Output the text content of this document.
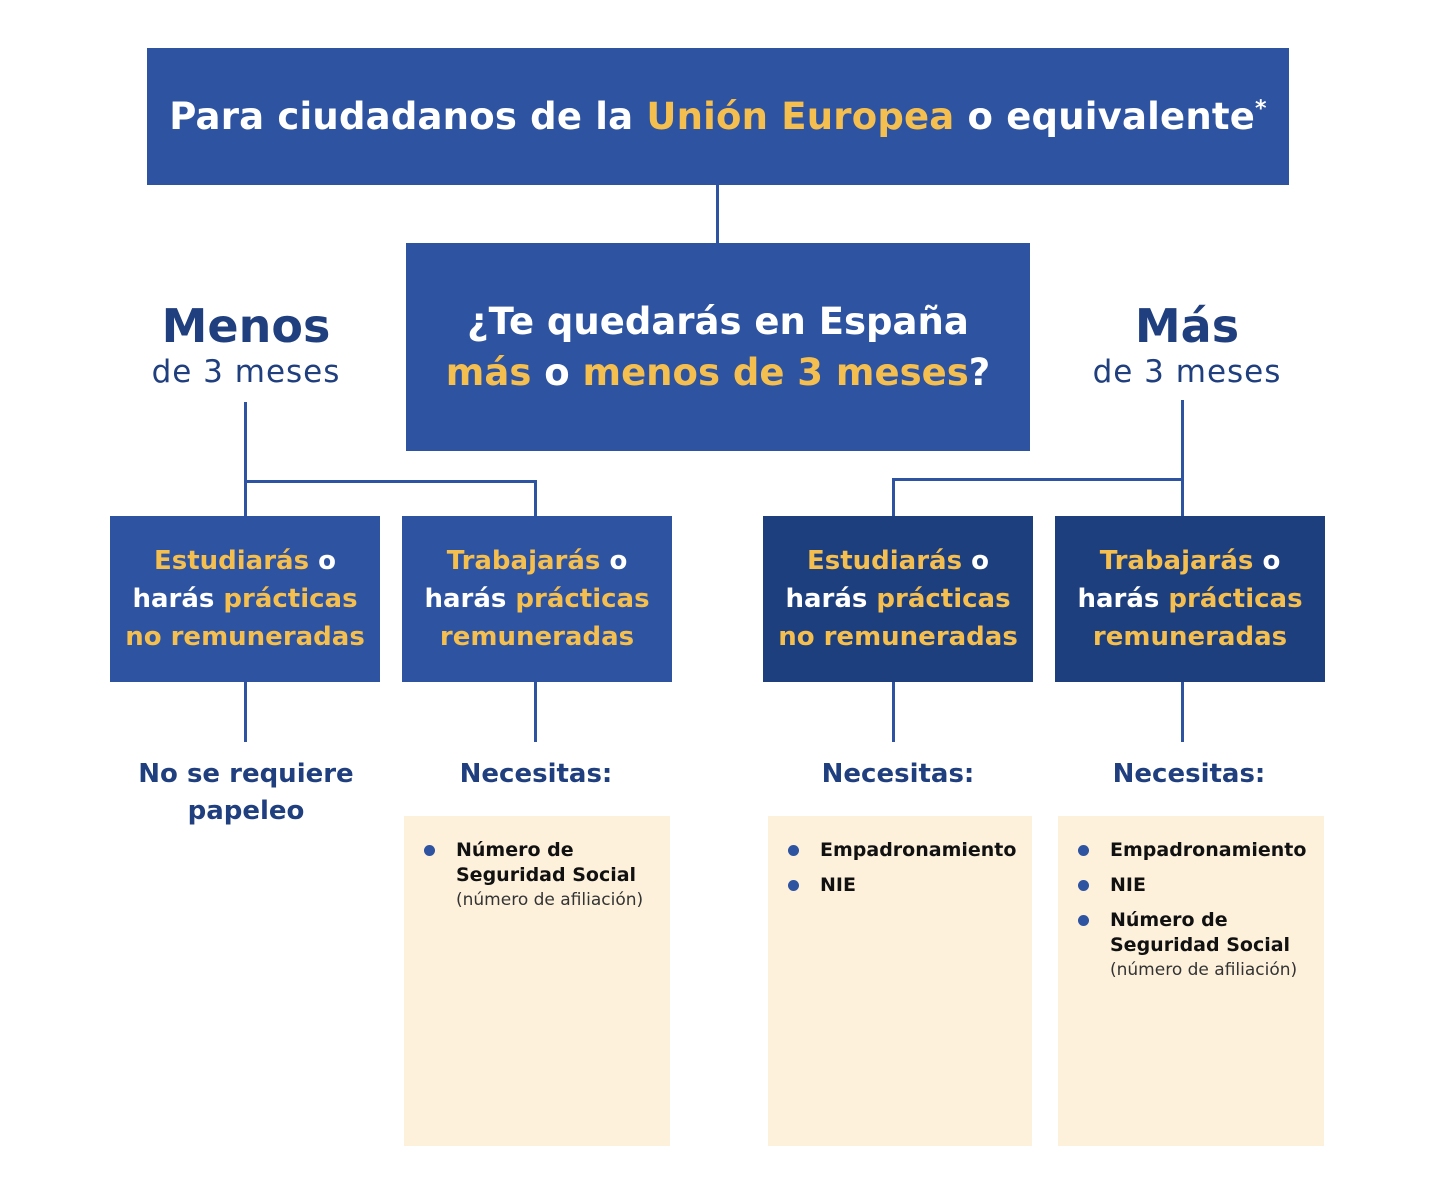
Para ciudadanos de la Unión Europea o equivalente*
¿Te quedarás en España
más o menos de 3 meses?
Menos
de 3 meses
Más
de 3 meses
Estudiarás o
harás prácticas
no remuneradas
Trabajarás o
harás prácticas
remuneradas
Estudiarás o
harás prácticas
no remuneradas
Trabajarás o
harás prácticas
remuneradas
No se requiere
papeleo
Necesitas:	Necesitas:	Necesitas:
Número de
Seguridad Social
(número de afiliación)
Empadronamiento
NIE
Empadronamiento
NIE
Número de
Seguridad Social
(número de afiliación)
